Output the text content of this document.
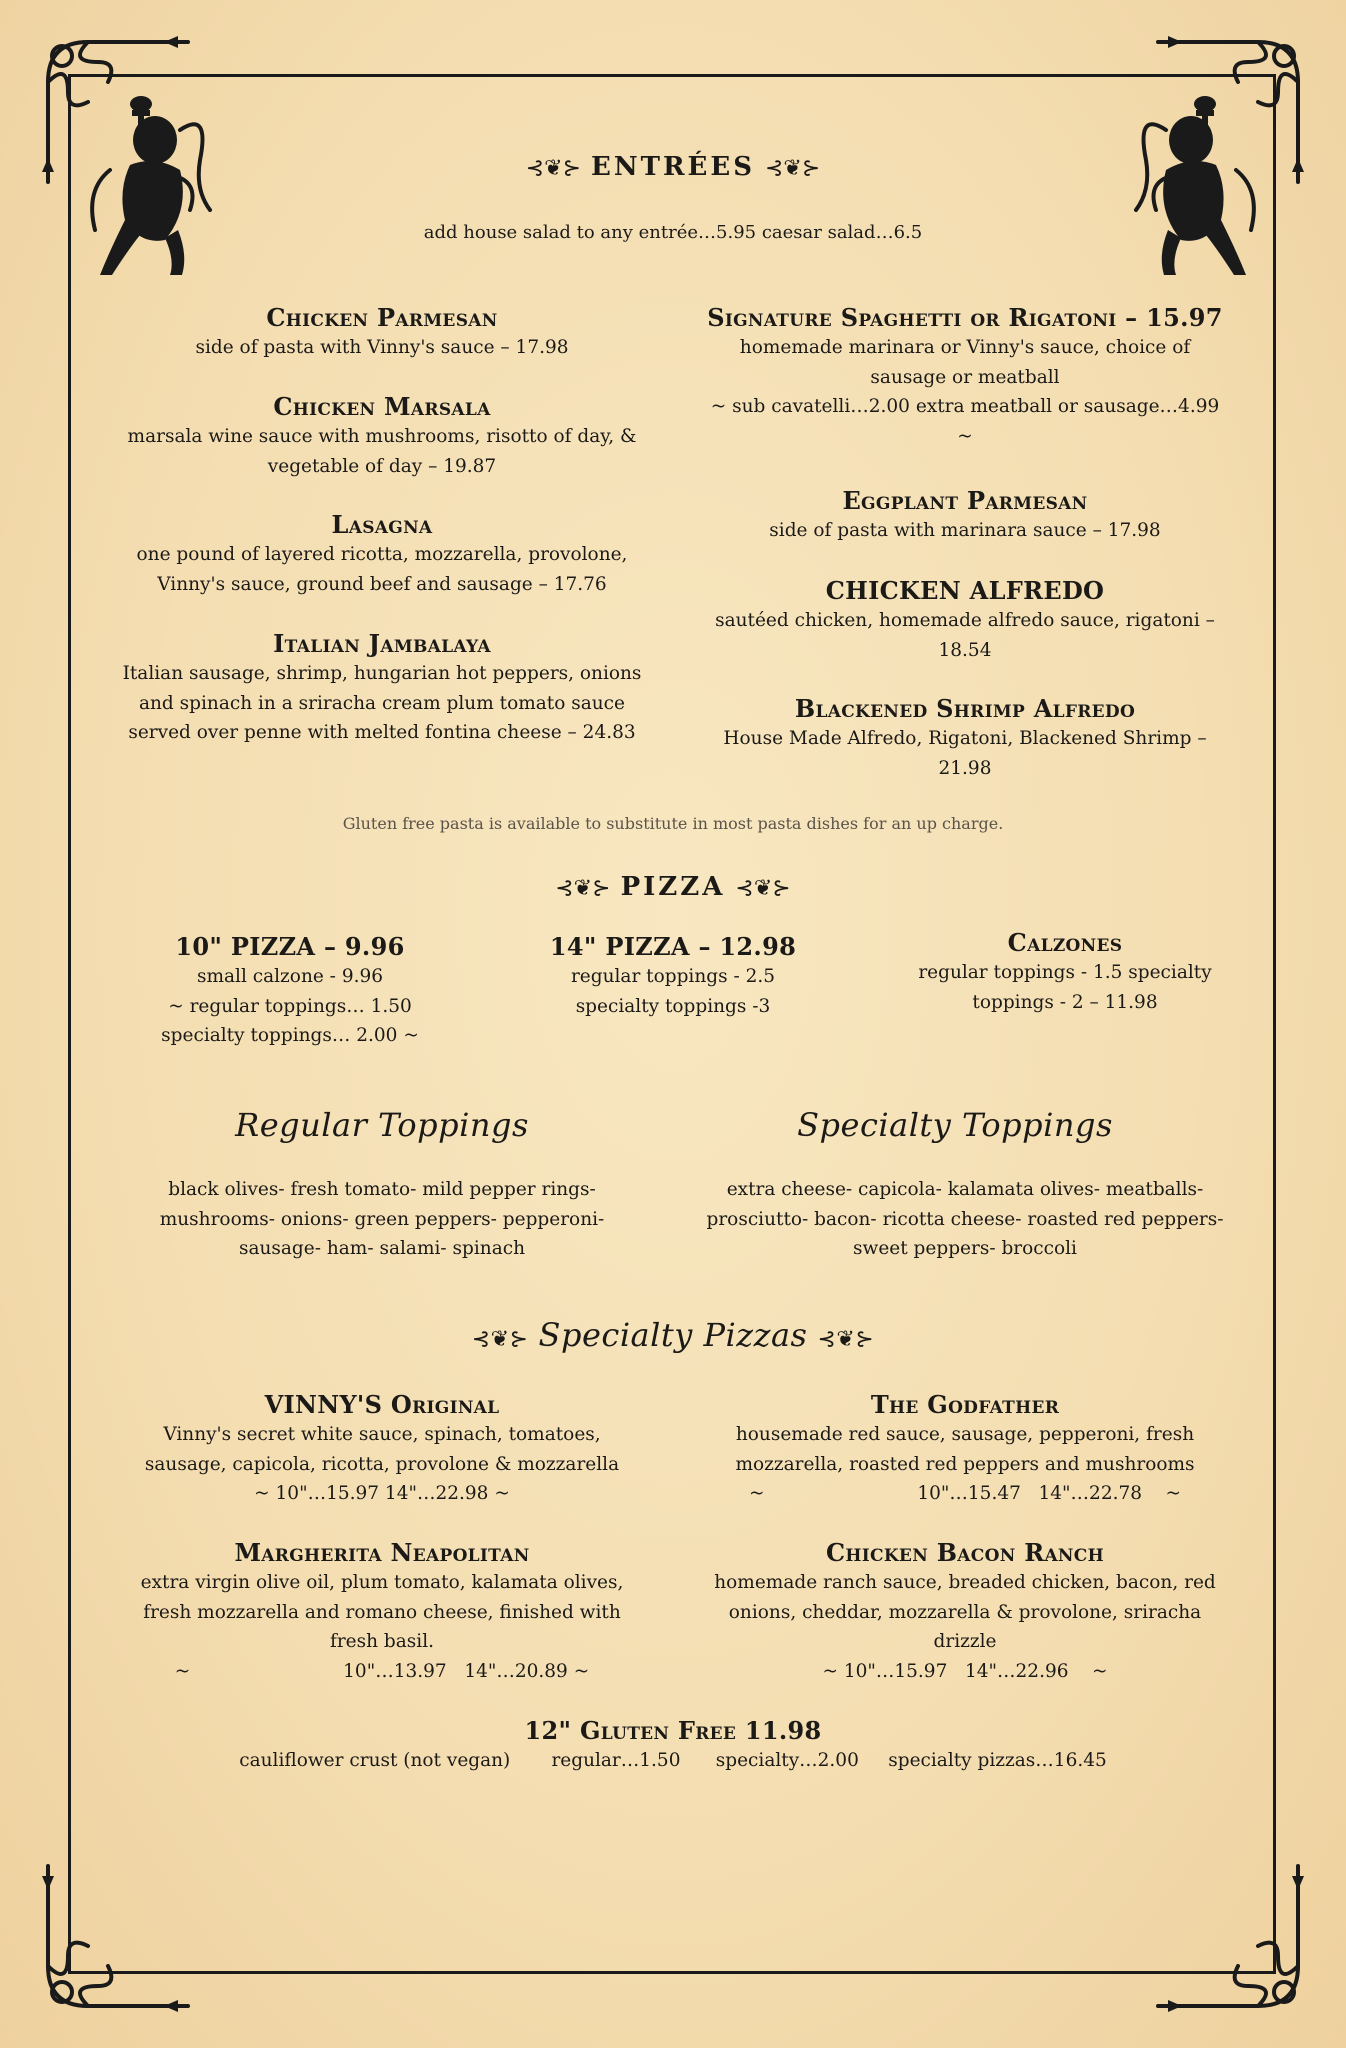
⊰❦⊱ ENTRÉES ⊰❦⊱
add house salad to any entrée…5.95 caesar salad…6.5
Chicken Parmesan
side of pasta with Vinny's sauce – 17.98
Chicken Marsala
marsala wine sauce with mushrooms, risotto of day, & vegetable of day – 19.87
Lasagna
one pound of layered ricotta, mozzarella, provolone, Vinny's sauce, ground beef and sausage – 17.76
Italian Jambalaya
Italian sausage, shrimp, hungarian hot peppers, onions and spinach in a sriracha cream plum tomato sauce served over penne with melted fontina cheese – 24.83
Signature Spaghetti or Rigatoni – 15.97
homemade marinara or Vinny's sauce, choice of sausage or meatball
~ sub cavatelli…2.00 extra meatball or sausage…4.99 ~
Eggplant Parmesan
side of pasta with marinara sauce – 17.98
CHICKEN ALFREDO
sautéed chicken, homemade alfredo sauce, rigatoni – 18.54
Blackened Shrimp Alfredo
House Made Alfredo, Rigatoni, Blackened Shrimp – 21.98
Gluten free pasta is available to substitute in most pasta dishes for an up charge.
⊰❦⊱ PIZZA ⊰❦⊱
10" PIZZA – 9.96
small calzone - 9.96
~ regular toppings… 1.50
specialty toppings… 2.00 ~
14" PIZZA – 12.98
regular toppings - 2.5
specialty toppings -3
Calzones
regular toppings - 1.5 specialty toppings - 2 – 11.98
Regular Toppings
black olives- fresh tomato- mild pepper rings-
mushrooms- onions- green peppers- pepperoni-
sausage- ham- salami- spinach
Specialty Toppings
extra cheese- capicola- kalamata olives- meatballs-
prosciutto- bacon- ricotta cheese- roasted red peppers-
sweet peppers- broccoli
⊰❦⊱ Specialty Pizzas ⊰❦⊱
VINNY'S Original
Vinny's secret white sauce, spinach, tomatoes, sausage, capicola, ricotta, provolone & mozzarella
~ 10"…15.97 14"…22.98 ~
The Godfather
housemade red sauce, sausage, pepperoni, fresh mozzarella, roasted red peppers and mushrooms
~                          10"…15.47   14"…22.78    ~
Margherita Neapolitan
extra virgin olive oil, plum tomato, kalamata olives, fresh mozzarella and romano cheese, finished with fresh basil.
~                          10"…13.97   14"…20.89 ~
Chicken Bacon Ranch
homemade ranch sauce, breaded chicken, bacon, red onions, cheddar, mozzarella & provolone, sriracha drizzle
~ 10"…15.97   14"…22.96    ~
12" Gluten Free 11.98
cauliflower crust (not vegan)       regular…1.50      specialty…2.00     specialty pizzas…16.45
